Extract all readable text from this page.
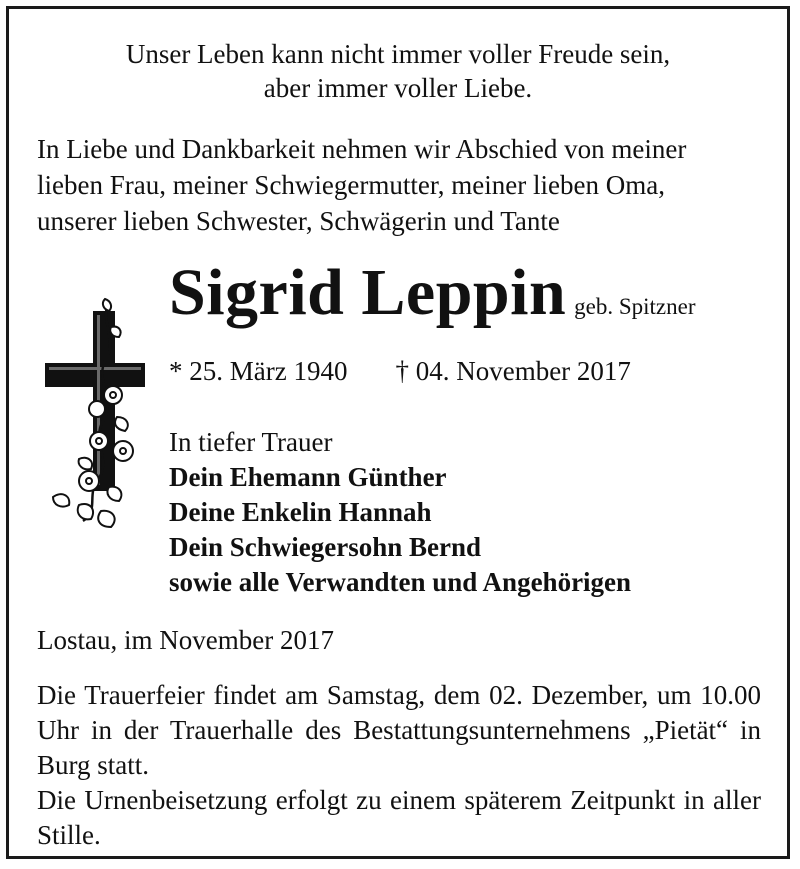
Unser Leben kann nicht immer voller Freude sein,
aber immer voller Liebe.
In Liebe und Dankbarkeit nehmen wir Abschied von meiner
lieben Frau, meiner Schwiegermutter, meiner lieben Oma,
unserer lieben Schwester, Schwägerin und Tante
Sigrid Leppin geb. Spitzner
* 25. März 1940 † 04. November 2017
In tiefer Trauer
Dein Ehemann Günther
Deine Enkelin Hannah
Dein Schwiegersohn Bernd
sowie alle Verwandten und Angehörigen
Lostau, im November 2017

Die Trauerfeier findet am Samstag, dem 02. Dezember, um 10.00 Uhr in der Trauerhalle des Bestattungsunternehmens „Pietät“ in Burg statt.

Die Urnenbeisetzung erfolgt zu einem späterem Zeitpunkt in aller Stille.
